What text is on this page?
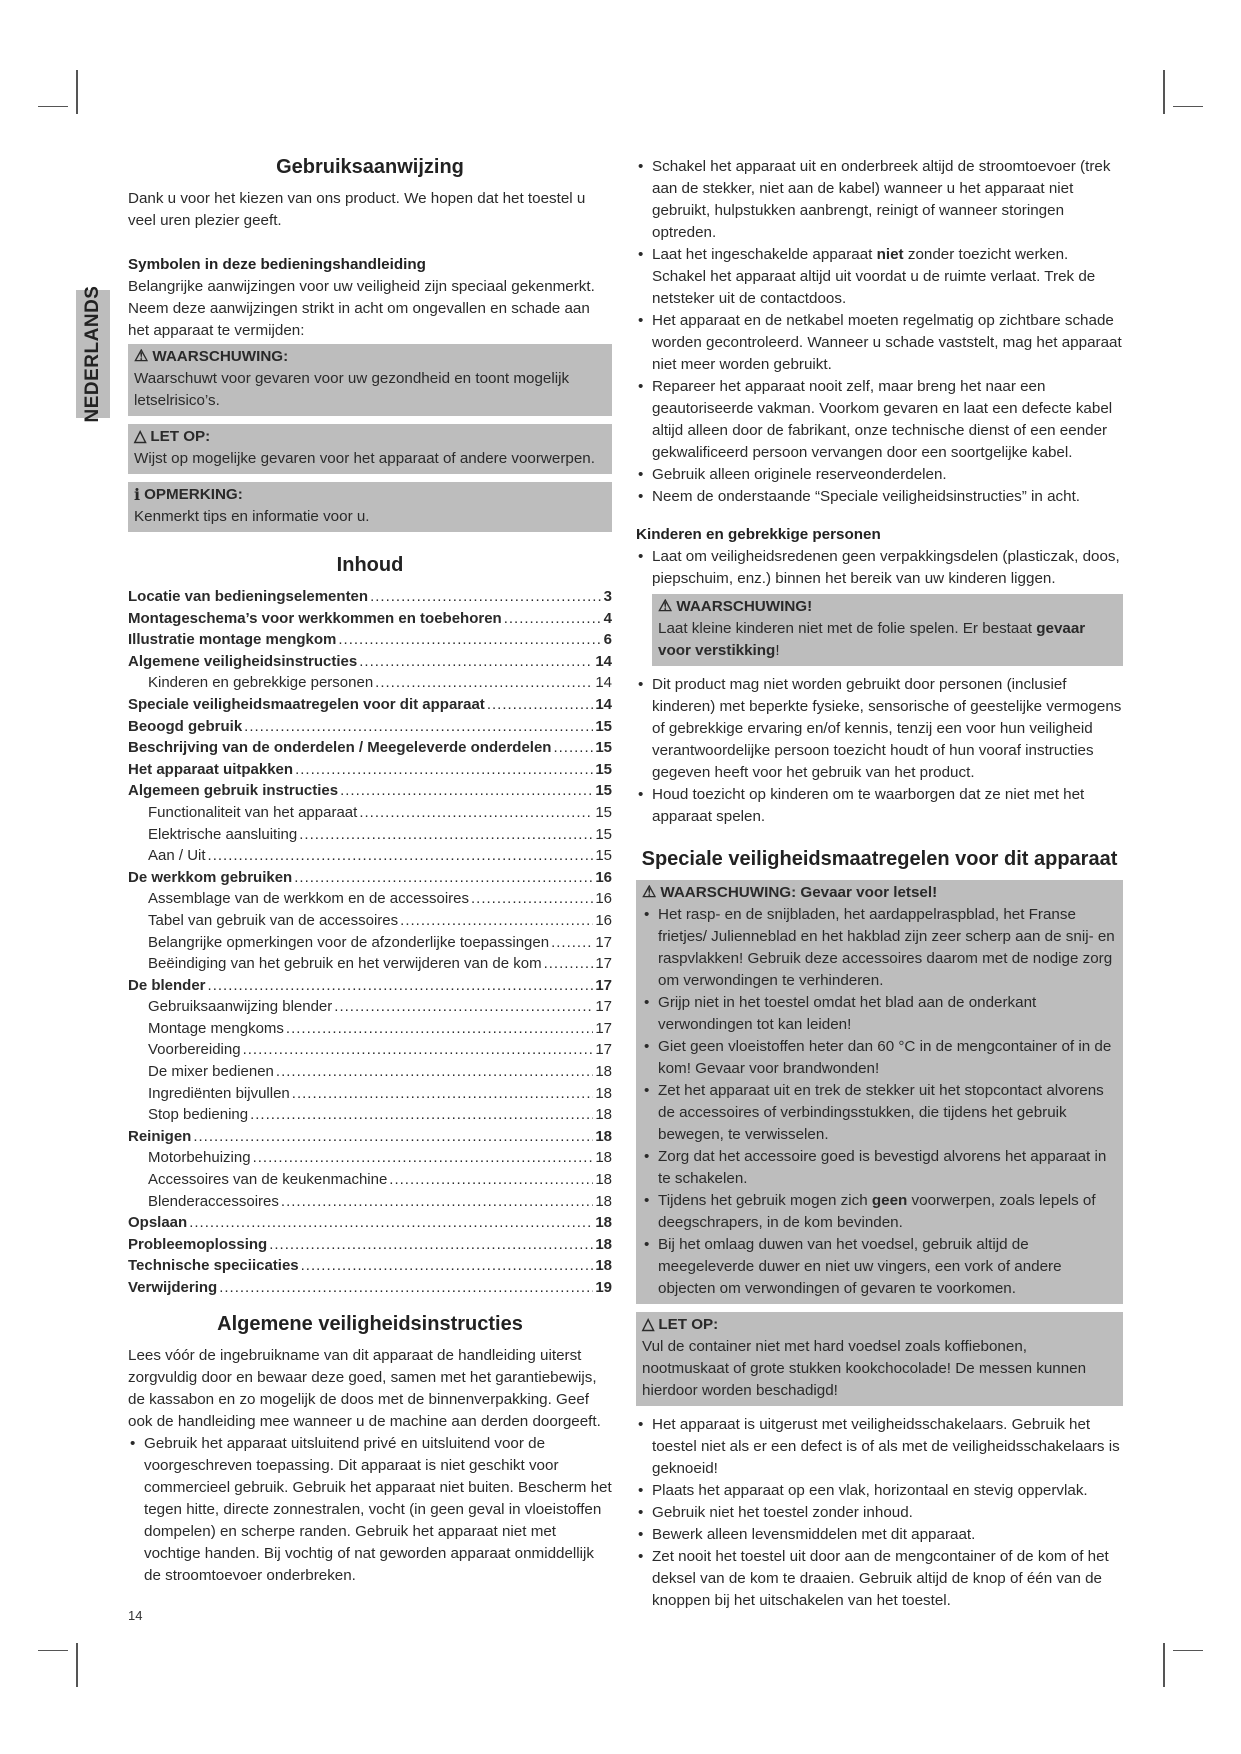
NEDERLANDS
Gebruiksaanwijzing

Dank u voor het kiezen van ons product. We hopen dat het toestel u veel uren plezier geeft.

Symbolen in deze bedieningshandleiding

Belangrijke aanwijzingen voor uw veiligheid zijn speciaal gekenmerkt. Neem deze aanwijzingen strikt in acht om ongevallen en schade aan het apparaat te vermijden:

⚠ WAARSCHUWING:
Waarschuwt voor gevaren voor uw gezondheid en toont mogelijk letselrisico’s.
△ LET OP:
Wijst op mogelijke gevaren voor het apparaat of andere voorwerpen.
i OPMERKING:
Kenmerkt tips en informatie voor u.
Inhoud
Locatie van bedieningselementen .....	3
Montageschema’s voor werkkommen en toebehoren .....	4
Illustratie montage mengkom .....	6
Algemene veiligheidsinstructies .....	14
Kinderen en gebrekkige personen .....	14
Speciale veiligheidsmaatregelen voor dit apparaat .....	14
Beoogd gebruik .....	15
Beschrijving van de onderdelen / Meegeleverde onderdelen .....	15
Het apparaat uitpakken .....	15
Algemeen gebruik instructies .....	15
Functionaliteit van het apparaat .....	15
Elektrische aansluiting .....	15
Aan / Uit .....	15
De werkkom gebruiken .....	16
Assemblage van de werkkom en de accessoires .....	16
Tabel van gebruik van de accessoires .....	16
Belangrijke opmerkingen voor de afzonderlijke toepassingen .....	17
Beëindiging van het gebruik en het verwijderen van de kom .....	17
De blender .....	17
Gebruiksaanwijzing blender .....	17
Montage mengkoms .....	17
Voorbereiding .....	17
De mixer bedienen .....	18
Ingrediënten bijvullen .....	18
Stop bediening .....	18
Reinigen .....	18
Motorbehuizing .....	18
Accessoires van de keukenmachine .....	18
Blenderaccessoires .....	18
Opslaan .....	18
Probleemoplossing .....	18
Technische speciicaties .....	18
Verwijdering .....	19
Algemene veiligheidsinstructies

Lees vóór de ingebruikname van dit apparaat de handleiding uiterst zorgvuldig door en bewaar deze goed, samen met het garantiebewijs, de kassabon en zo mogelijk de doos met de binnenverpakking. Geef ook de handleiding mee wanneer u de machine aan derden doorgeeft.

• Gebruik het apparaat uitsluitend privé en uitsluitend voor de voorgeschreven toepassing. Dit apparaat is niet geschikt voor commercieel gebruik. Gebruik het apparaat niet buiten. Bescherm het tegen hitte, directe zonnestralen, vocht (in geen geval in vloeistoffen dompelen) en scherpe randen. Gebruik het apparaat niet met vochtige handen. Bij vochtig of nat geworden apparaat onmiddellijk de stroomtoevoer onderbreken.
• Schakel het apparaat uit en onderbreek altijd de stroomtoevoer (trek aan de stekker, niet aan de kabel) wanneer u het apparaat niet gebruikt, hulpstukken aanbrengt, reinigt of wanneer storingen optreden.
• Laat het ingeschakelde apparaat niet zonder toezicht werken. Schakel het apparaat altijd uit voordat u de ruimte verlaat. Trek de netsteker uit de contactdoos.
• Het apparaat en de netkabel moeten regelmatig op zichtbare schade worden gecontroleerd. Wanneer u schade vaststelt, mag het apparaat niet meer worden gebruikt.
• Repareer het apparaat nooit zelf, maar breng het naar een geautoriseerde vakman. Voorkom gevaren en laat een defecte kabel altijd alleen door de fabrikant, onze technische dienst of een eender gekwalificeerd persoon vervangen door een soortgelijke kabel.
• Gebruik alleen originele reserveonderdelen.
• Neem de onderstaande “Speciale veiligheidsinstructies” in acht.
Kinderen en gebrekkige personen
• Laat om veiligheidsredenen geen verpakkingsdelen (plasticzak, doos, piepschuim, enz.) binnen het bereik van uw kinderen liggen.
⚠ WAARSCHUWING!
Laat kleine kinderen niet met de folie spelen. Er bestaat gevaar voor verstikking!
• Dit product mag niet worden gebruikt door personen (inclusief kinderen) met beperkte fysieke, sensorische of geestelijke vermogens of gebrekkige ervaring en/of kennis, tenzij een voor hun veiligheid verantwoordelijke persoon toezicht houdt of hun vooraf instructies gegeven heeft voor het gebruik van het product.
• Houd toezicht op kinderen om te waarborgen dat ze niet met het apparaat spelen.
Speciale veiligheidsmaatregelen voor dit apparaat
⚠ WAARSCHUWING: Gevaar voor letsel!
• Het rasp- en de snijbladen, het aardappelraspblad, het Franse frietjes/ Julienneblad en het hakblad zijn zeer scherp aan de snij- en raspvlakken! Gebruik deze accessoires daarom met de nodige zorg om verwondingen te verhinderen.
• Grijp niet in het toestel omdat het blad aan de onderkant verwondingen tot kan leiden!
• Giet geen vloeistoffen heter dan 60 °C in de mengcontainer of in de kom! Gevaar voor brandwonden!
• Zet het apparaat uit en trek de stekker uit het stopcontact alvorens de accessoires of verbindingsstukken, die tijdens het gebruik bewegen, te verwisselen.
• Zorg dat het accessoire goed is bevestigd alvorens het apparaat in te schakelen.
• Tijdens het gebruik mogen zich geen voorwerpen, zoals lepels of deegschrapers, in de kom bevinden.
• Bij het omlaag duwen van het voedsel, gebruik altijd de meegeleverde duwer en niet uw vingers, een vork of andere objecten om verwondingen of gevaren te voorkomen.
△ LET OP:
Vul de container niet met hard voedsel zoals koffiebonen, nootmuskaat of grote stukken kookchocolade! De messen kunnen hierdoor worden beschadigd!
• Het apparaat is uitgerust met veiligheidsschakelaars. Gebruik het toestel niet als er een defect is of als met de veiligheidsschakelaars is geknoeid!
• Plaats het apparaat op een vlak, horizontaal en stevig oppervlak.
• Gebruik niet het toestel zonder inhoud.
• Bewerk alleen levensmiddelen met dit apparaat.
• Zet nooit het toestel uit door aan de mengcontainer of de kom of het deksel van de kom te draaien. Gebruik altijd de knop of één van de knoppen bij het uitschakelen van het toestel.
14
